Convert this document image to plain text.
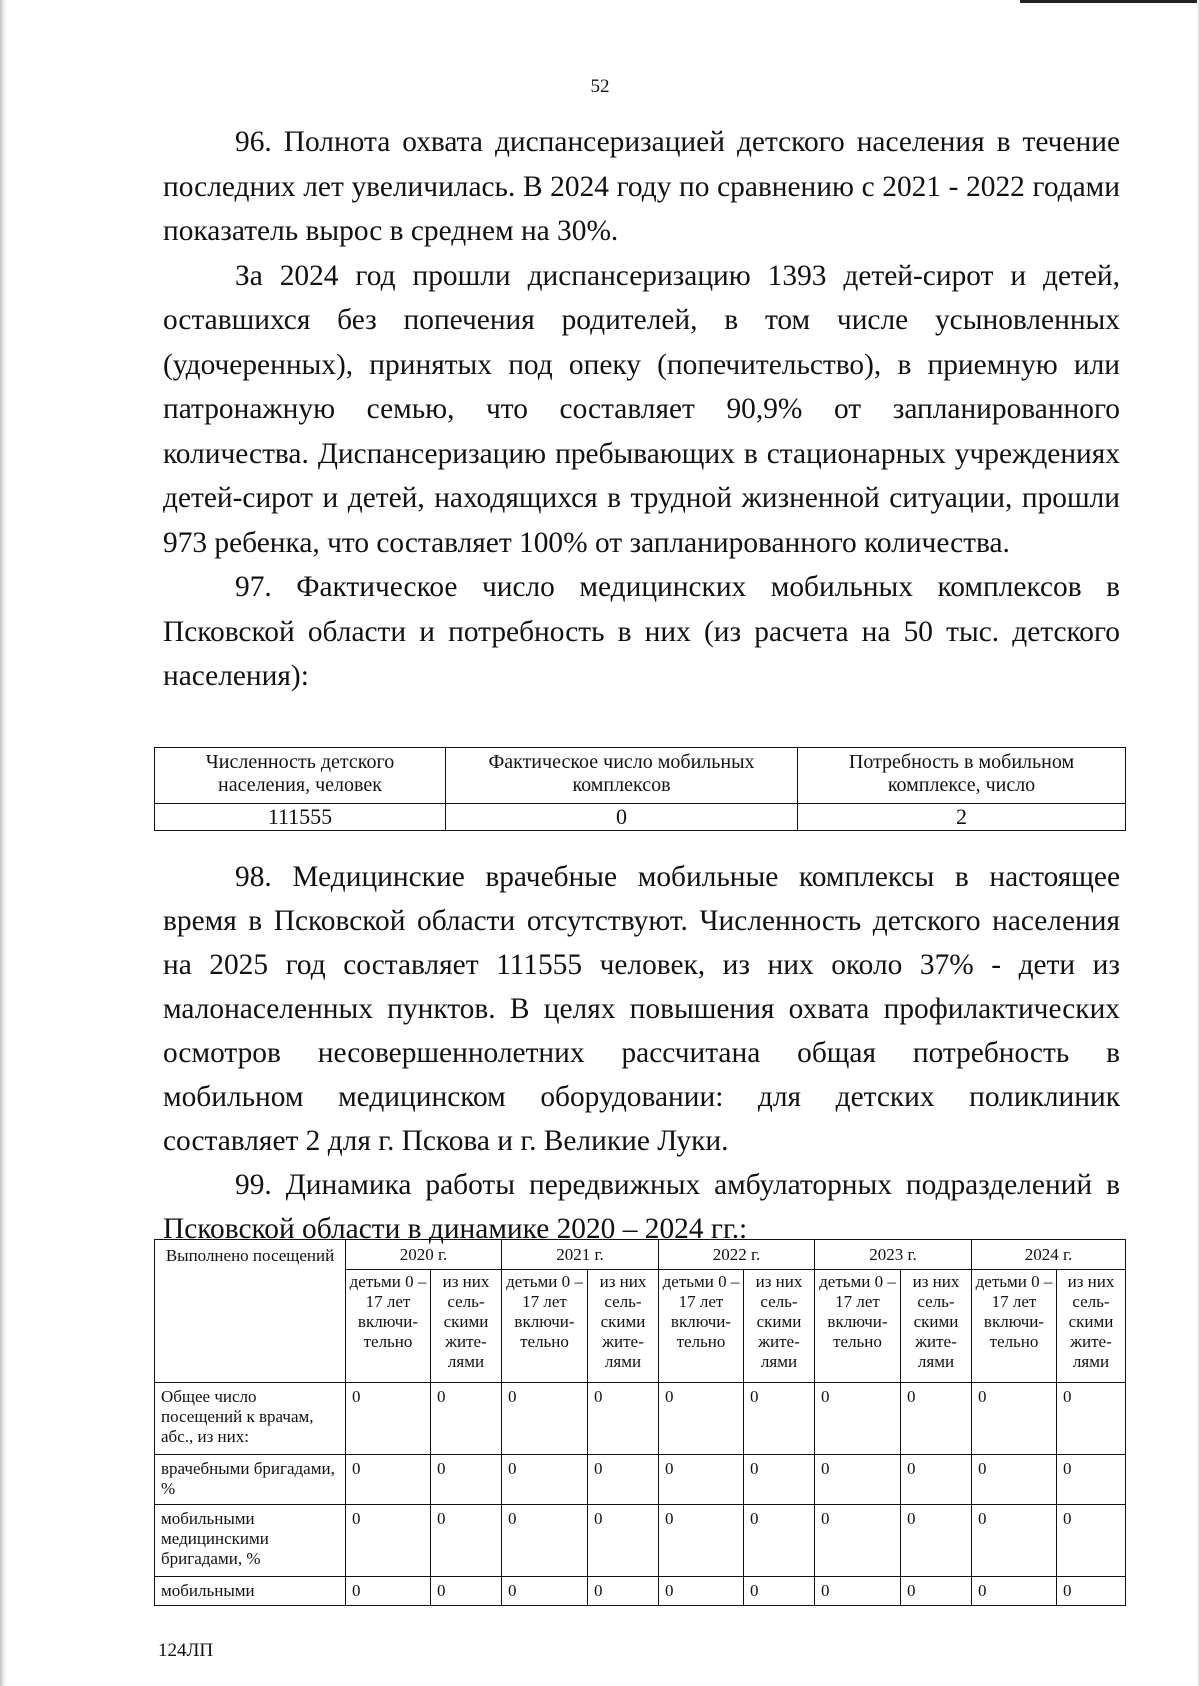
52

96. Полнота охвата диспансеризацией детского населения в течение последних лет увеличилась. В 2024 году по сравнению с 2021 - 2022 годами показатель вырос в среднем на 30%.

За 2024 год прошли диспансеризацию 1393 детей-сирот и детей, оставшихся без попечения родителей, в том числе усыновленных (удочеренных), принятых под опеку (попечительство), в приемную или патронажную семью, что составляет 90,9% от запланированного количества. Диспансеризацию пребывающих в стационарных учреждениях детей-сирот и детей, находящихся в трудной жизненной ситуации, прошли 973 ребенка, что составляет 100% от запланированного количества.

97. Фактическое число медицинских мобильных комплексов в Псковской области и потребность в них (из расчета на 50 тыс. детского населения):

Численность детского населения, человек	Фактическое число мобильных комплексов	Потребность в мобильном комплексе, число
111555	0	2

98. Медицинские врачебные мобильные комплексы в настоящее время в Псковской области отсутствуют. Численность детского населения на 2025 год составляет 111555 человек, из них около 37% - дети из малонаселенных пунктов. В целях повышения охвата профилактических осмотров несовершеннолетних рассчитана общая потребность в мобильном медицинском оборудовании: для детских поликлиник составляет 2 для г. Пскова и г. Великие Луки.

99. Динамика работы передвижных амбулаторных подразделений в Псковской области в динамике 2020 – 2024 гг.:

Выполнено посещений	2020 г.		2021 г.		2022 г.		2023 г.		2024 г.	
	детьми 0 – 17 лет включи-тельно	из них сель-скими жите-лями	детьми 0 – 17 лет включи-тельно	из них сель-скими жите-лями	детьми 0 – 17 лет включи-тельно	из них сель-скими жите-лями	детьми 0 – 17 лет включи-тельно	из них сель-скими жите-лями	детьми 0 – 17 лет включи-тельно	из них сель-скими жите-лями
Общее число посещений к врачам, абс., из них:	0	0	0	0	0	0	0	0	0	0
врачебными бригадами, %	0	0	0	0	0	0	0	0	0	0
мобильными медицинскими бригадами, %	0	0	0	0	0	0	0	0	0	0
мобильными	0	0	0	0	0	0	0	0	0	0
124ЛП
